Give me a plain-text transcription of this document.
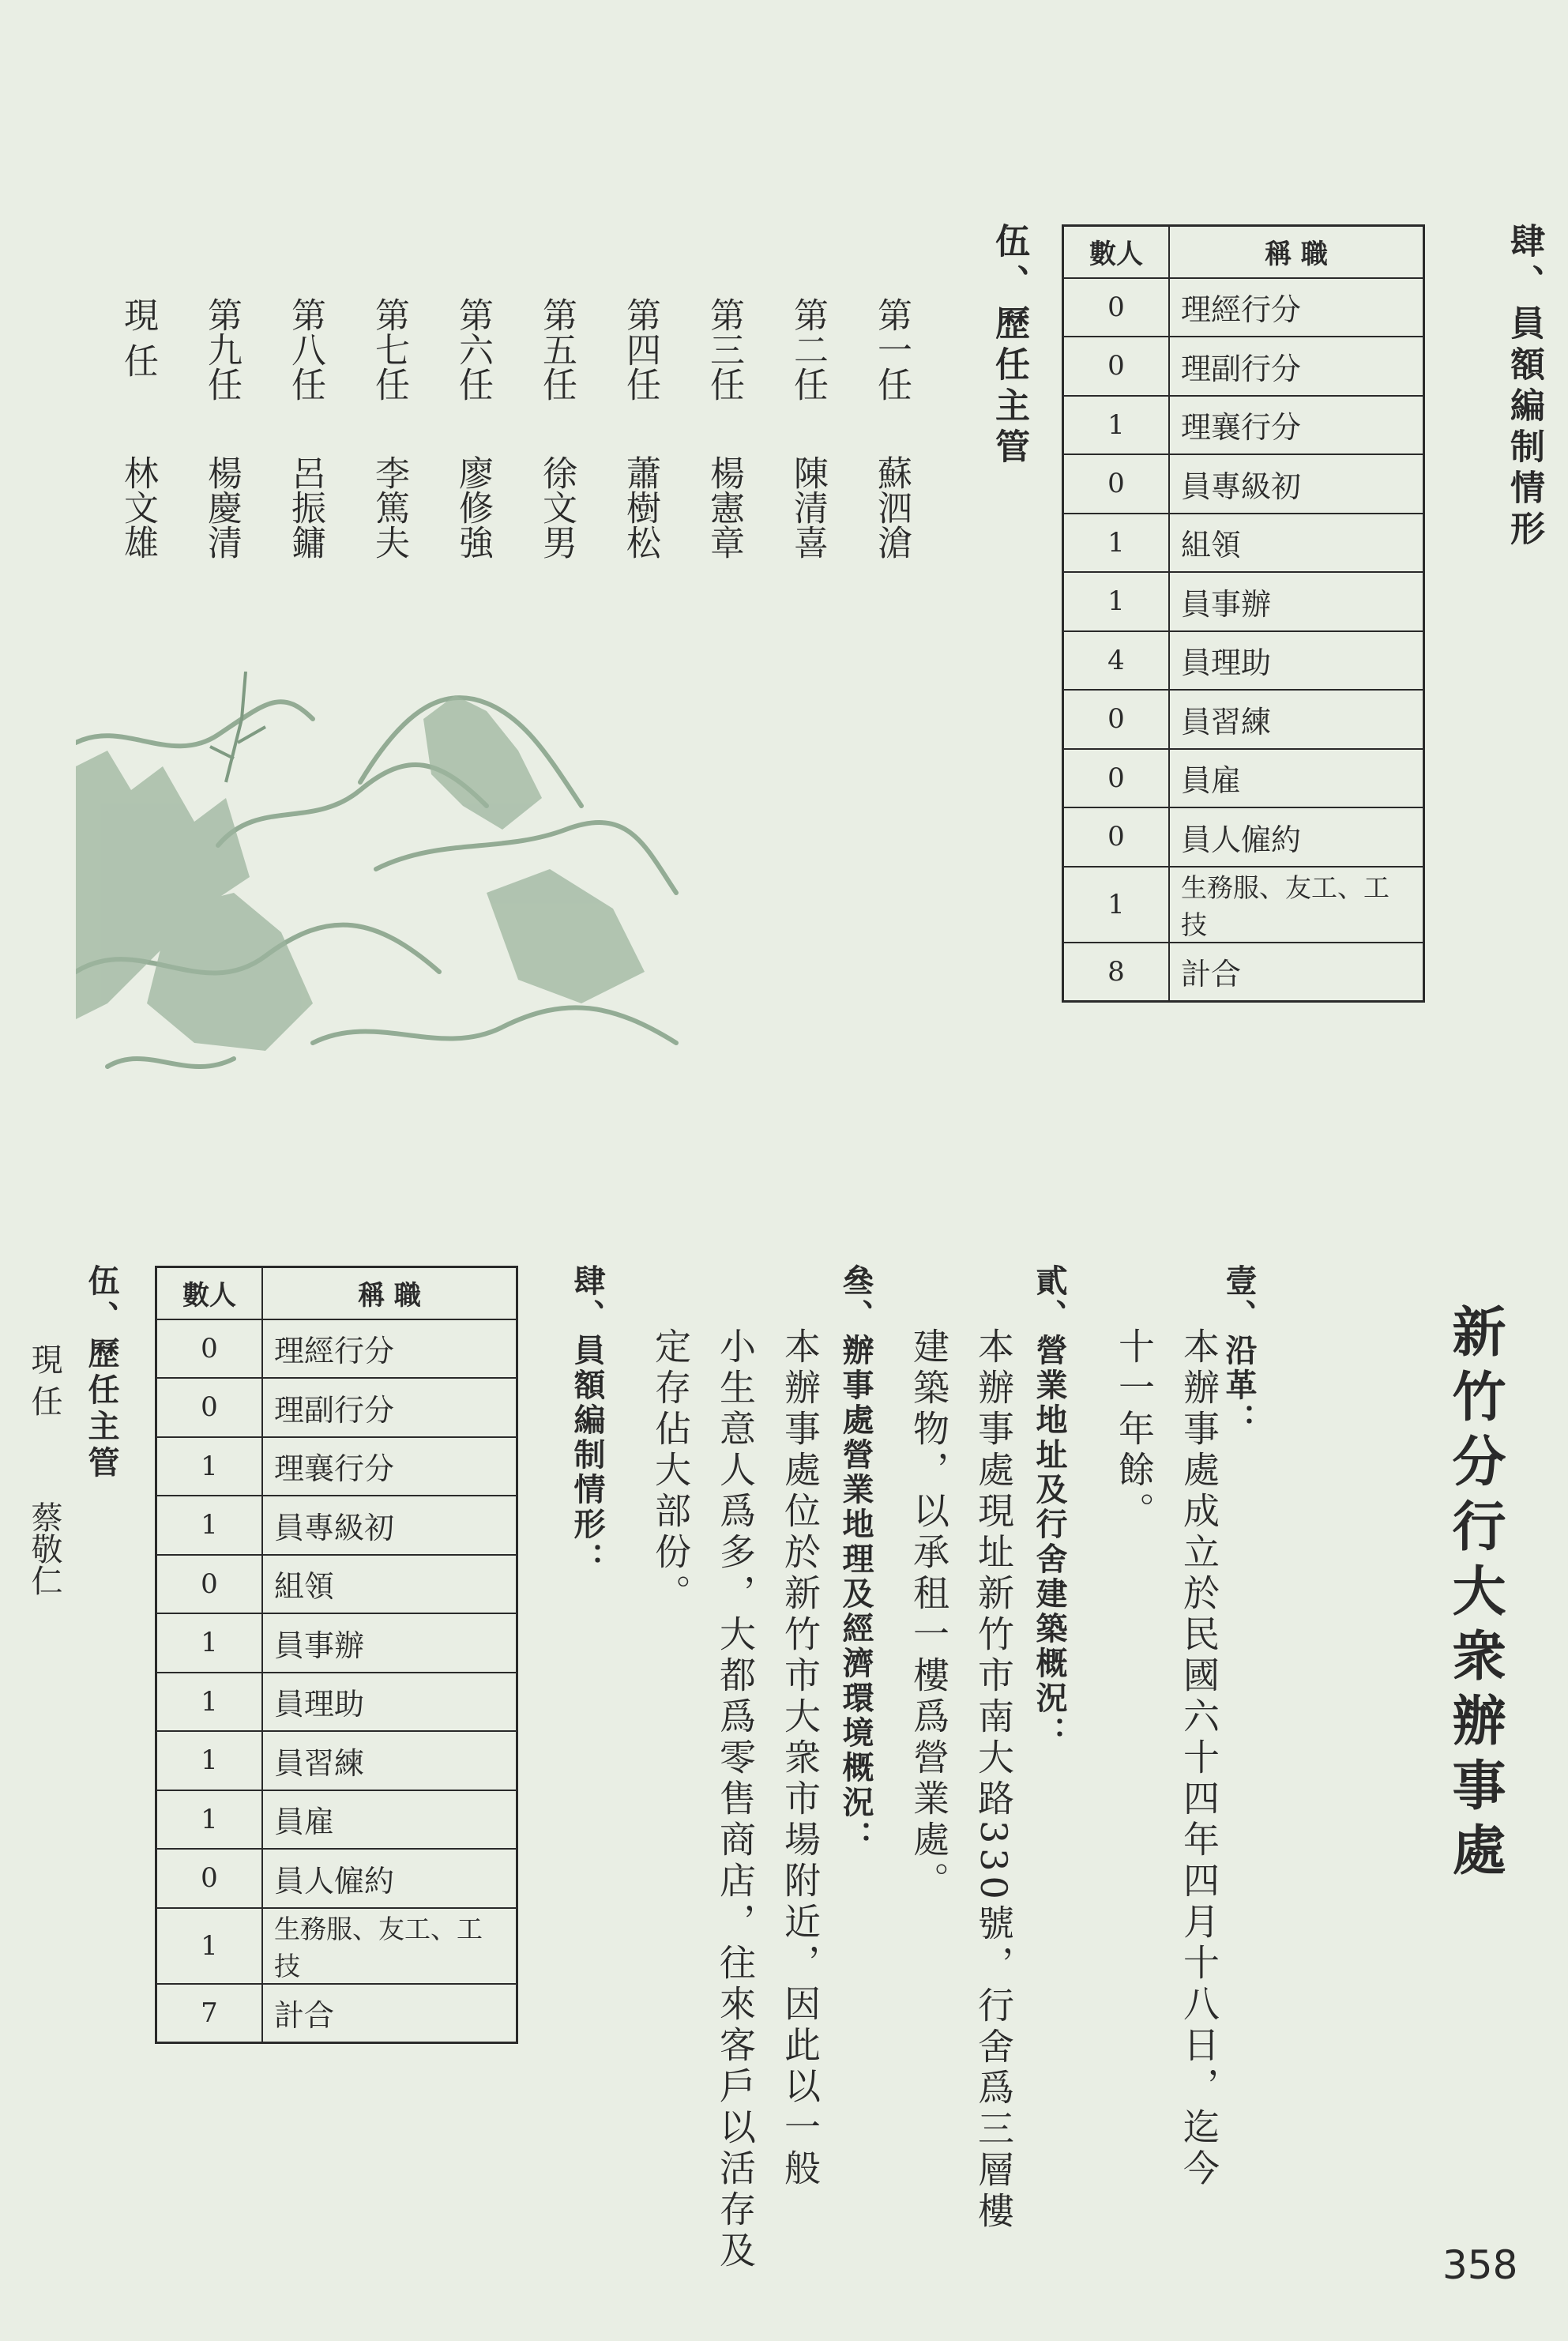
肆、員額編制情形
數人	稱 職
0	理經行分

0	理副行分

1	理襄行分

0	員專級初

1	組領

1	員事辦

4	員理助

0	員習練

0	員雇

0	員人僱約

1	生務服、友工、工技

8	計合
伍、歷任主管
第一任蘇泗滄
第二任陳清喜
第三任楊憲章
第四任蕭樹松
第五任徐文男
第六任廖修強
第七任李篤夫
第八任呂振鏞
第九任楊慶清
現 任林文雄
新竹分行大衆辦事處
壹、沿革：
本辦事處成立於民國六十四年四月十八日，迄今
十一年餘。
貳、營業地址及行舍建築概況：
本辦事處現址新竹市南大路330號，行舍爲三層樓
建築物，以承租一樓爲營業處。
叄、辦事處營業地理及經濟環境概況：
本辦事處位於新竹市大衆市場附近，因此以一般
小生意人爲多，大都爲零售商店，往來客戶以活存及
定存佔大部份。
肆、員額編制情形：
數人	稱 職
0	理經行分

0	理副行分

1	理襄行分

1	員專級初

0	組領

1	員事辦

1	員理助

1	員習練

1	員雇

0	員人僱約

1	生務服、友工、工技

7	計合
伍、歷任主管
現 任蔡敬仁
358
